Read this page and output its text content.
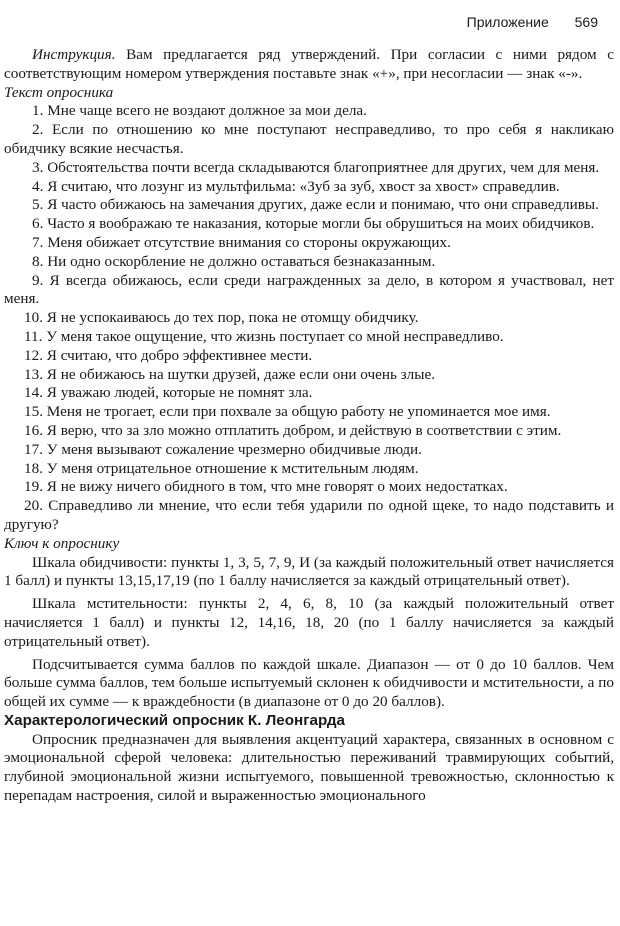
Приложение 569

Инструкция. Вам предлагается ряд утверждений. При согласии с ними рядом с соответствующим номером утверждения поставьте знак «+», при несогласии — знак «-».

Текст опросника

1. Мне чаще всего не воздают должное за мои дела.

2. Если по отношению ко мне поступают несправедливо, то про себя я накликаю обидчику всякие несчастья.

3. Обстоятельства почти всегда складываются благоприятнее для других, чем для меня.

4. Я считаю, что лозунг из мультфильма: «Зуб за зуб, хвост за хвост» справедлив.

5. Я часто обижаюсь на замечания других, даже если и понимаю, что они справедливы.

6. Часто я воображаю те наказания, которые могли бы обрушиться на моих обидчиков.

7. Меня обижает отсутствие внимания со стороны окружающих.

8. Ни одно оскорбление не должно оставаться безнаказанным.

9. Я всегда обижаюсь, если среди награжденных за дело, в котором я участвовал, нет меня.

10. Я не успокаиваюсь до тех пор, пока не отомщу обидчику.

11. У меня такое ощущение, что жизнь поступает со мной несправедливо.

12. Я считаю, что добро эффективнее мести.

13. Я не обижаюсь на шутки друзей, даже если они очень злые.

14. Я уважаю людей, которые не помнят зла.

15. Меня не трогает, если при похвале за общую работу не упоминается мое имя.

16. Я верю, что за зло можно отплатить добром, и действую в соответствии с этим.

17. У меня вызывают сожаление чрезмерно обидчивые люди.

18. У меня отрицательное отношение к мстительным людям.

19. Я не вижу ничего обидного в том, что мне говорят о моих недостатках.

20. Справедливо ли мнение, что если тебя ударили по одной щеке, то надо подставить и другую?

Ключ к опроснику

Шкала обидчивости: пункты 1, 3, 5, 7, 9, И (за каждый положительный ответ начисляется 1 балл) и пункты 13,15,17,19 (по 1 баллу начисляется за каждый отрицательный ответ).

Шкала мстительности: пункты 2, 4, 6, 8, 10 (за каждый положительный ответ начисляется 1 балл) и пункты 12, 14,16, 18, 20 (по 1 баллу начисляется за каждый отрицательный ответ).

Подсчитывается сумма баллов по каждой шкале. Диапазон — от 0 до 10 баллов. Чем больше сумма баллов, тем больше испытуемый склонен к обидчивости и мстительности, а по общей их сумме — к враждебности (в диапазоне от 0 до 20 баллов).

Характерологический опросник К. Леонгарда

Опросник предназначен для выявления акцентуаций характера, связанных в основном с эмоциональной сферой человека: длительностью переживаний травмирующих событий, глубиной эмоциональной жизни испытуемого, повышенной тревожностью, склонностью к перепадам настроения, силой и выраженностью эмоционального
